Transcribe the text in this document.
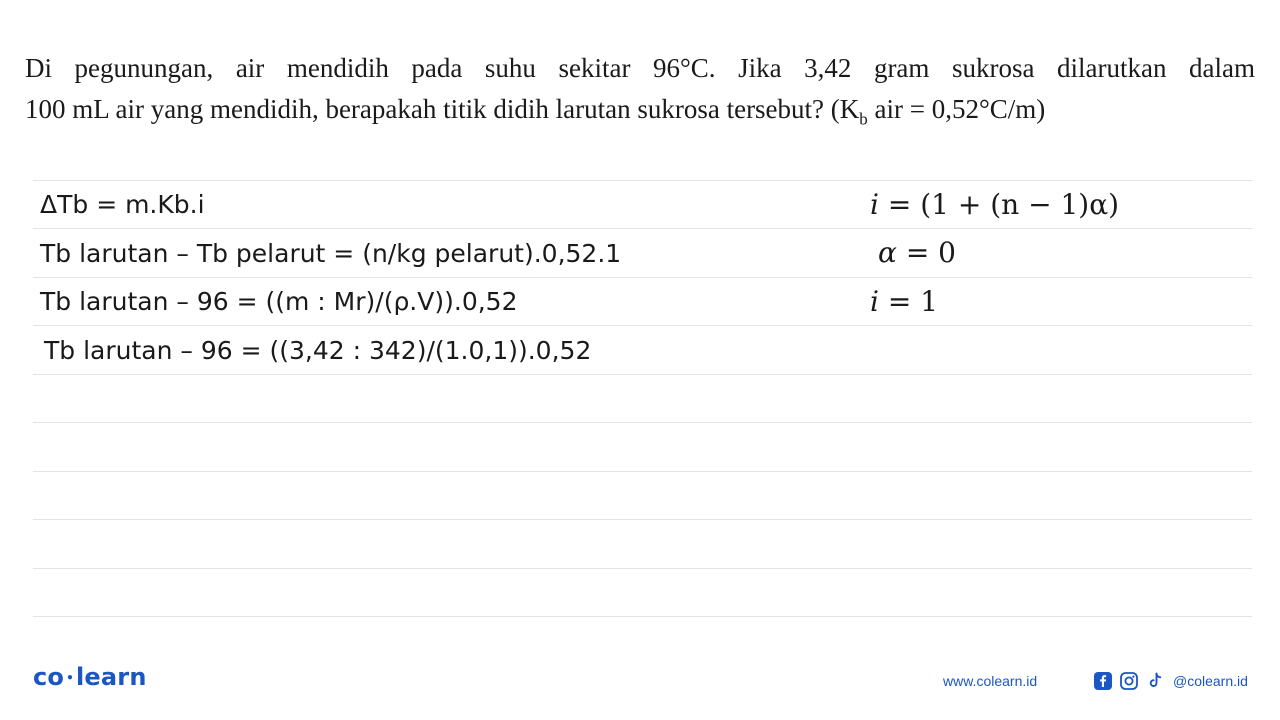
Di pegunungan, air mendidih pada suhu sekitar 96°C. Jika 3,42 gram sukrosa dilarutkan dalam
100 mL air yang mendidih, berapakah titik didih larutan sukrosa tersebut? ($K_b$ air = 0,52°C/m)
ΔTb = m.Kb.i
Tb larutan – Tb pelarut = (n/kg pelarut).0,52.1
Tb larutan – 96 = ((m : Mr)/(ρ.V)).0,52
Tb larutan – 96 = ((3,42 : 342)/(1.0,1)).0,52
i = (1 + (n − 1)α)
α = 0
i = 1
co •learn	www.colearn.id	@colearn.id
